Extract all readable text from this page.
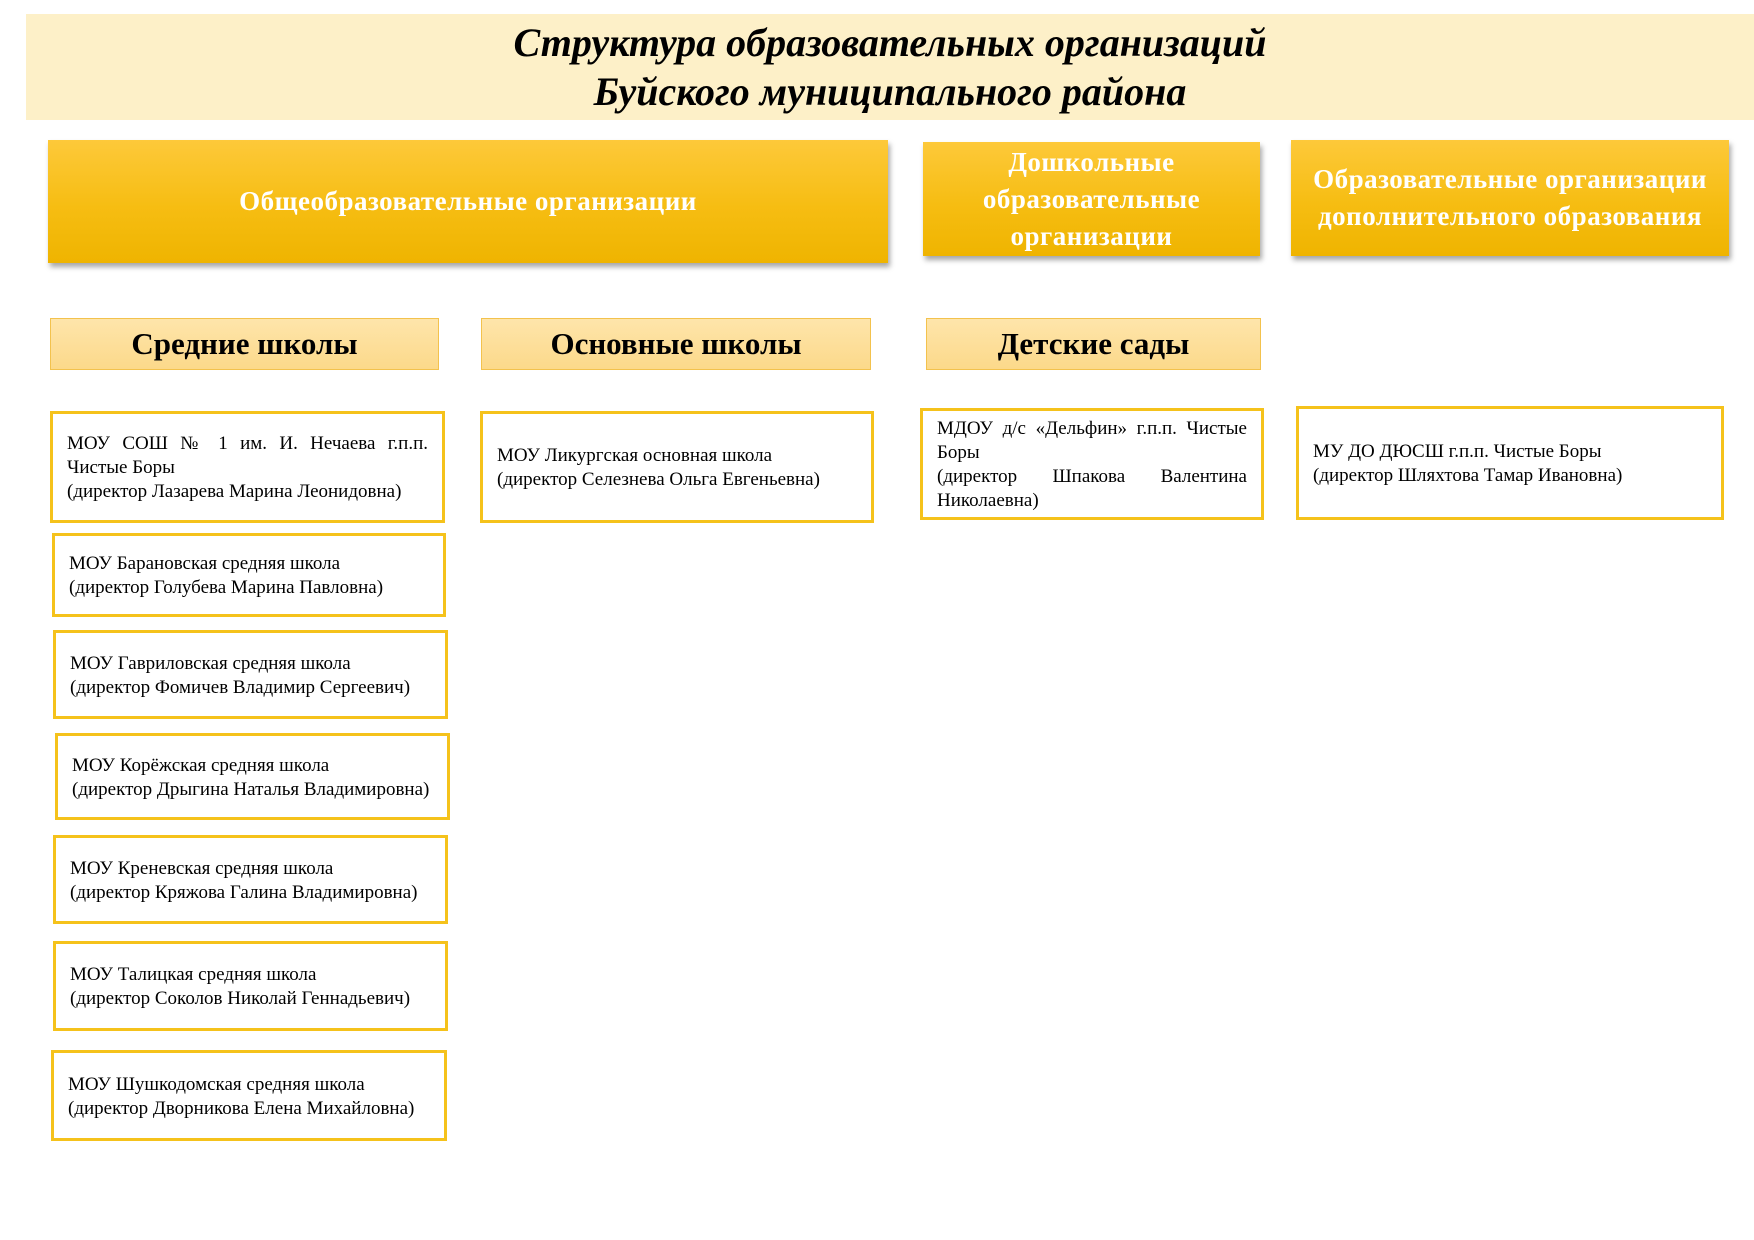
Структура образовательных организаций
Буйского муниципального района
Общеобразовательные организации
Дошкольные образовательные организации
Образовательные организации дополнительного образования
Средние школы	Основные школы	Детские сады
МОУ СОШ № 1 им. И. Нечаева г.п.п. Чистые Боры
(директор Лазарева Марина Леонидовна)
МОУ Барановская средняя школа
(директор Голубева Марина Павловна)
МОУ Гавриловская средняя школа
(директор Фомичев Владимир Сергеевич)
МОУ Корёжская средняя школа
(директор Дрыгина Наталья Владимировна)
МОУ Креневская средняя школа
(директор Кряжова Галина Владимировна)
МОУ Талицкая средняя школа
(директор Соколов Николай Геннадьевич)
МОУ Шушкодомская средняя школа
(директор Дворникова Елена Михайловна)
МОУ Ликургская основная школа
(директор Селезнева Ольга Евгеньевна)
МДОУ д/с «Дельфин» г.п.п. Чистые Боры
(директор Шпакова Валентина Николаевна)
МУ ДО ДЮСШ г.п.п. Чистые Боры
(директор Шляхтова Тамар Ивановна)
